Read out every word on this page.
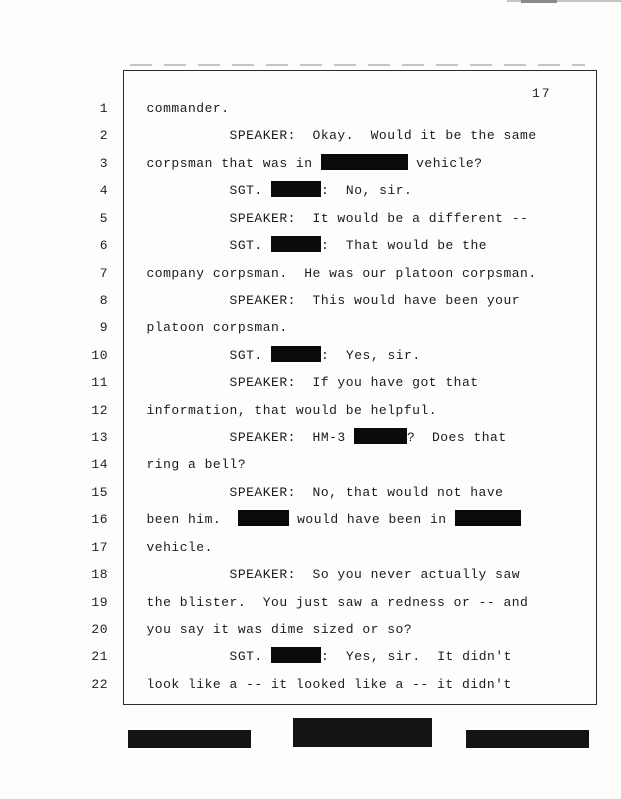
17
1	commander.
2	SPEAKER:  Okay.  Would it be the same
3	corpsman that was in	vehicle?
4	SGT.	:  No, sir.
5	SPEAKER:  It would be a different --
6	SGT.	:  That would be the
7	company corpsman.  He was our platoon corpsman.
8	SPEAKER:  This would have been your
9	platoon corpsman.
10	SGT.	:  Yes, sir.
11	SPEAKER:  If you have got that
12	information, that would be helpful.
13	SPEAKER:  HM-3	?  Does that
14	ring a bell?
15	SPEAKER:  No, that would not have
16	been him.	would have been in
17	vehicle.
18	SPEAKER:  So you never actually saw
19	the blister.  You just saw a redness or -- and
20	you say it was dime sized or so?
21	SGT.	:  Yes, sir.  It didn't
22	look like a -- it looked like a -- it didn't
